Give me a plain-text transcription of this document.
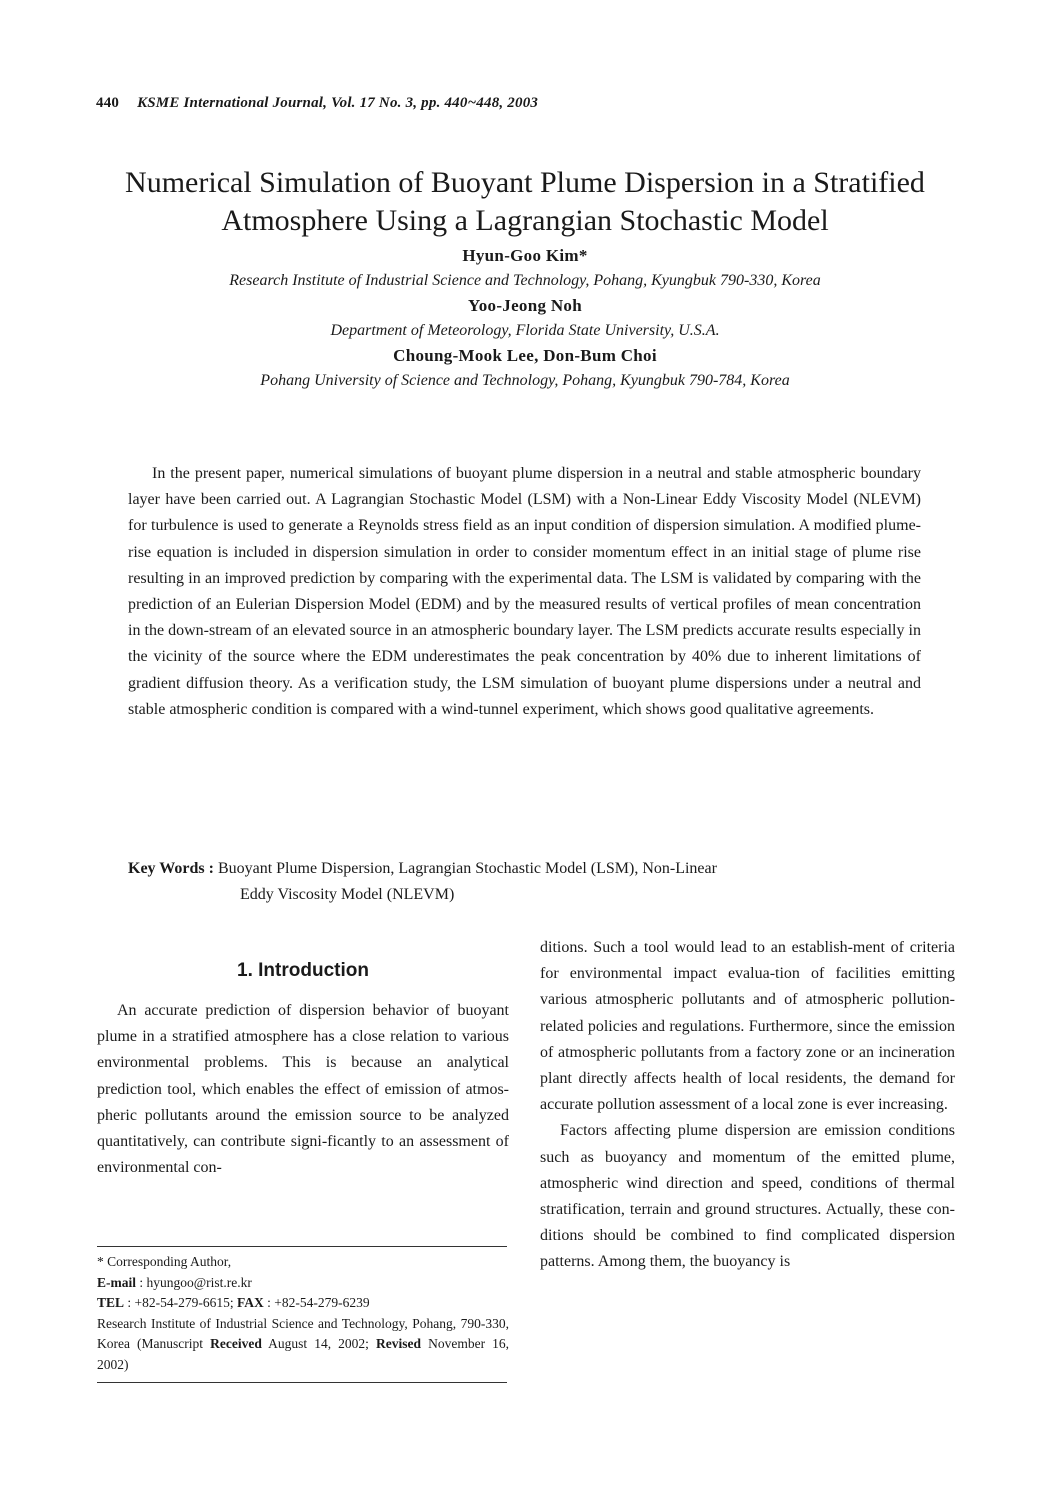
440 KSME International Journal, Vol. 17 No. 3, pp. 440~448, 2003
Numerical Simulation of Buoyant Plume Dispersion in a Stratified
Atmosphere Using a Lagrangian Stochastic Model
Hyun-Goo Kim*
Research Institute of Industrial Science and Technology, Pohang, Kyungbuk 790-330, Korea
Yoo-Jeong Noh
Department of Meteorology, Florida State University, U.S.A.
Choung-Mook Lee, Don-Bum Choi
Pohang University of Science and Technology, Pohang, Kyungbuk 790-784, Korea

In the present paper, numerical simulations of buoyant plume dispersion in a neutral and stable atmospheric boundary layer have been carried out. A Lagrangian Stochastic Model (LSM) with a Non-Linear Eddy Viscosity Model (NLEVM) for turbulence is used to generate a Reynolds stress field as an input condition of dispersion simulation. A modified plume-rise equation is included in dispersion simulation in order to consider momentum effect in an initial stage of plume rise resulting in an improved prediction by comparing with the experimental data. The LSM is validated by comparing with the prediction of an Eulerian Dispersion Model (EDM) and by the measured results of vertical profiles of mean concentration in the down-stream of an elevated source in an atmospheric boundary layer. The LSM predicts accurate results especially in the vicinity of the source where the EDM underestimates the peak concentration by 40% due to inherent limitations of gradient diffusion theory. As a verification study, the LSM simulation of buoyant plume dispersions under a neutral and stable atmospheric condition is compared with a wind-tunnel experiment, which shows good qualitative agreements.

Key Words : Buoyant Plume Dispersion, Lagrangian Stochastic Model (LSM), Non-Linear
Eddy Viscosity Model (NLEVM)
1. Introduction

An accurate prediction of dispersion behavior of buoyant plume in a stratified atmosphere has a close relation to various environmental problems. This is because an analytical prediction tool, which enables the effect of emission of atmos-pheric pollutants around the emission source to be analyzed quantitatively, can contribute signi-ficantly to an assessment of environmental con-

ditions. Such a tool would lead to an establish-ment of criteria for environmental impact evalua-tion of facilities emitting various atmospheric pollutants and of atmospheric pollution-related policies and regulations. Furthermore, since the emission of atmospheric pollutants from a factory zone or an incineration plant directly affects health of local residents, the demand for accurate pollution assessment of a local zone is ever increasing.

Factors affecting plume dispersion are emission conditions such as buoyancy and momentum of the emitted plume, atmospheric wind direction and speed, conditions of thermal stratification, terrain and ground structures. Actually, these con-ditions should be combined to find complicated dispersion patterns. Among them, the buoyancy is

* Corresponding Author,
E-mail : hyungoo@rist.re.kr
TEL : +82-54-279-6615; FAX : +82-54-279-6239
Research Institute of Industrial Science and Technology, Pohang, 790-330, Korea (Manuscript Received August 14, 2002; Revised November 16, 2002)
